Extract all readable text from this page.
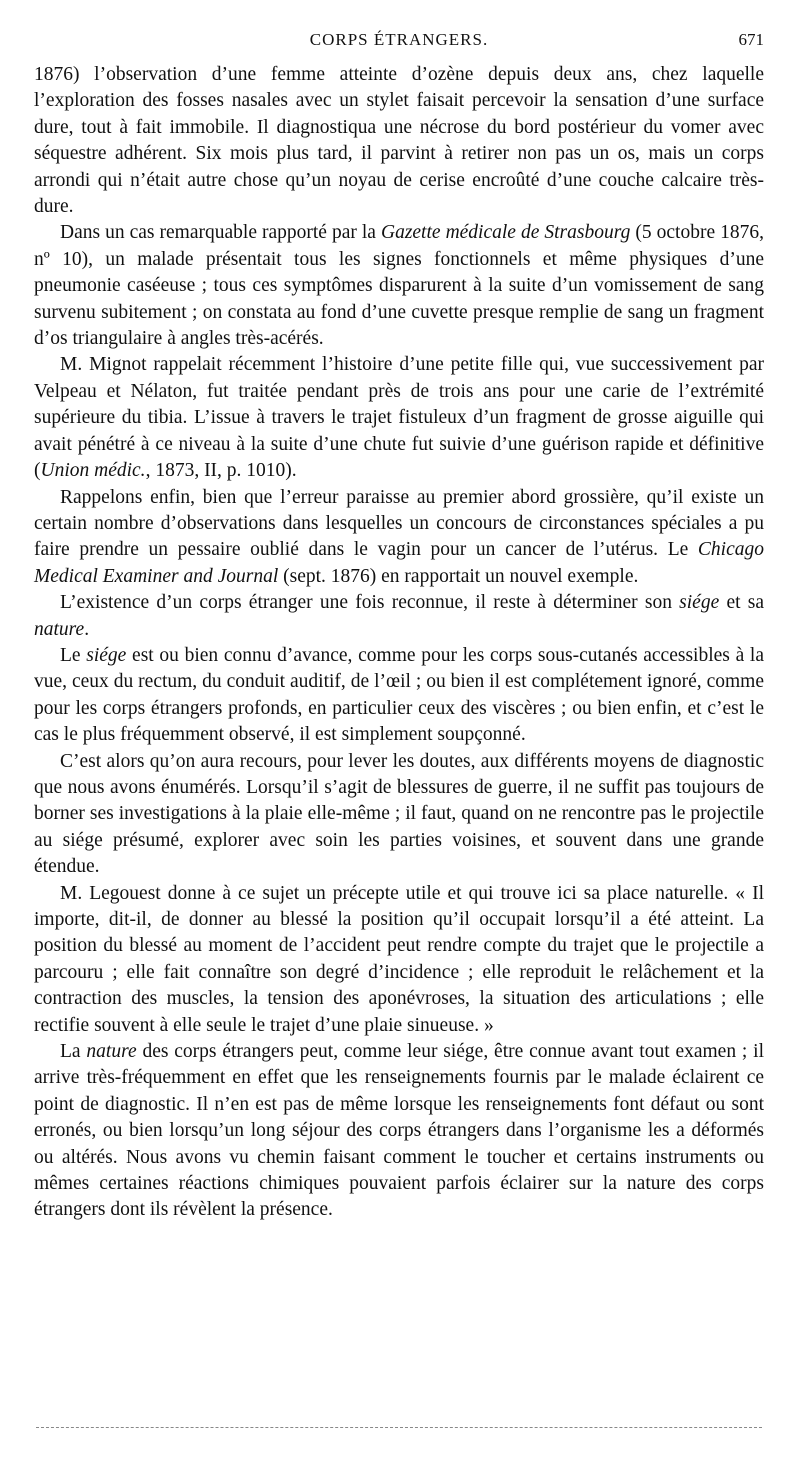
CORPS ÉTRANGERS.	671

1876) l’observation d’une femme atteinte d’ozène depuis deux ans, chez laquelle l’exploration des fosses nasales avec un stylet faisait percevoir la sensation d’une surface dure, tout à fait immobile. Il diagnostiqua une nécrose du bord postérieur du vomer avec séquestre adhérent. Six mois plus tard, il parvint à retirer non pas un os, mais un corps arrondi qui n’était autre chose qu’un noyau de cerise encroûté d’une couche calcaire très-dure.

Dans un cas remarquable rapporté par la Gazette médicale de Strasbourg (5 octobre 1876, nº 10), un malade présentait tous les signes fonctionnels et même physiques d’une pneumonie caséeuse ; tous ces symptômes disparurent à la suite d’un vomissement de sang survenu subitement ; on constata au fond d’une cuvette presque remplie de sang un fragment d’os triangulaire à angles très-acérés.

M. Mignot rappelait récemment l’histoire d’une petite fille qui, vue successivement par Velpeau et Nélaton, fut traitée pendant près de trois ans pour une carie de l’extrémité supérieure du tibia. L’issue à travers le trajet fistuleux d’un fragment de grosse aiguille qui avait pénétré à ce niveau à la suite d’une chute fut suivie d’une guérison rapide et définitive (Union médic., 1873, II, p. 1010).

Rappelons enfin, bien que l’erreur paraisse au premier abord grossière, qu’il existe un certain nombre d’observations dans lesquelles un concours de circonstances spéciales a pu faire prendre un pessaire oublié dans le vagin pour un cancer de l’utérus. Le Chicago Medical Examiner and Journal (sept. 1876) en rapportait un nouvel exemple.

L’existence d’un corps étranger une fois reconnue, il reste à déterminer son siége et sa nature.

Le siége est ou bien connu d’avance, comme pour les corps sous-cutanés accessibles à la vue, ceux du rectum, du conduit auditif, de l’œil ; ou bien il est complétement ignoré, comme pour les corps étrangers profonds, en particulier ceux des viscères ; ou bien enfin, et c’est le cas le plus fréquemment observé, il est simplement soupçonné.

C’est alors qu’on aura recours, pour lever les doutes, aux différents moyens de diagnostic que nous avons énumérés. Lorsqu’il s’agit de blessures de guerre, il ne suffit pas toujours de borner ses investigations à la plaie elle-même ; il faut, quand on ne rencontre pas le projectile au siége présumé, explorer avec soin les parties voisines, et souvent dans une grande étendue.

M. Legouest donne à ce sujet un précepte utile et qui trouve ici sa place naturelle. « Il importe, dit-il, de donner au blessé la position qu’il occupait lorsqu’il a été atteint. La position du blessé au moment de l’accident peut rendre compte du trajet que le projectile a parcouru ; elle fait connaître son degré d’incidence ; elle reproduit le relâchement et la contraction des muscles, la tension des aponévroses, la situation des articulations ; elle rectifie souvent à elle seule le trajet d’une plaie sinueuse. »

La nature des corps étrangers peut, comme leur siége, être connue avant tout examen ; il arrive très-fréquemment en effet que les renseignements fournis par le malade éclairent ce point de diagnostic. Il n’en est pas de même lorsque les renseignements font défaut ou sont erronés, ou bien lorsqu’un long séjour des corps étrangers dans l’organisme les a déformés ou altérés. Nous avons vu chemin faisant comment le toucher et certains instruments ou mêmes certaines réactions chimiques pouvaient parfois éclairer sur la nature des corps étrangers dont ils révèlent la présence.
